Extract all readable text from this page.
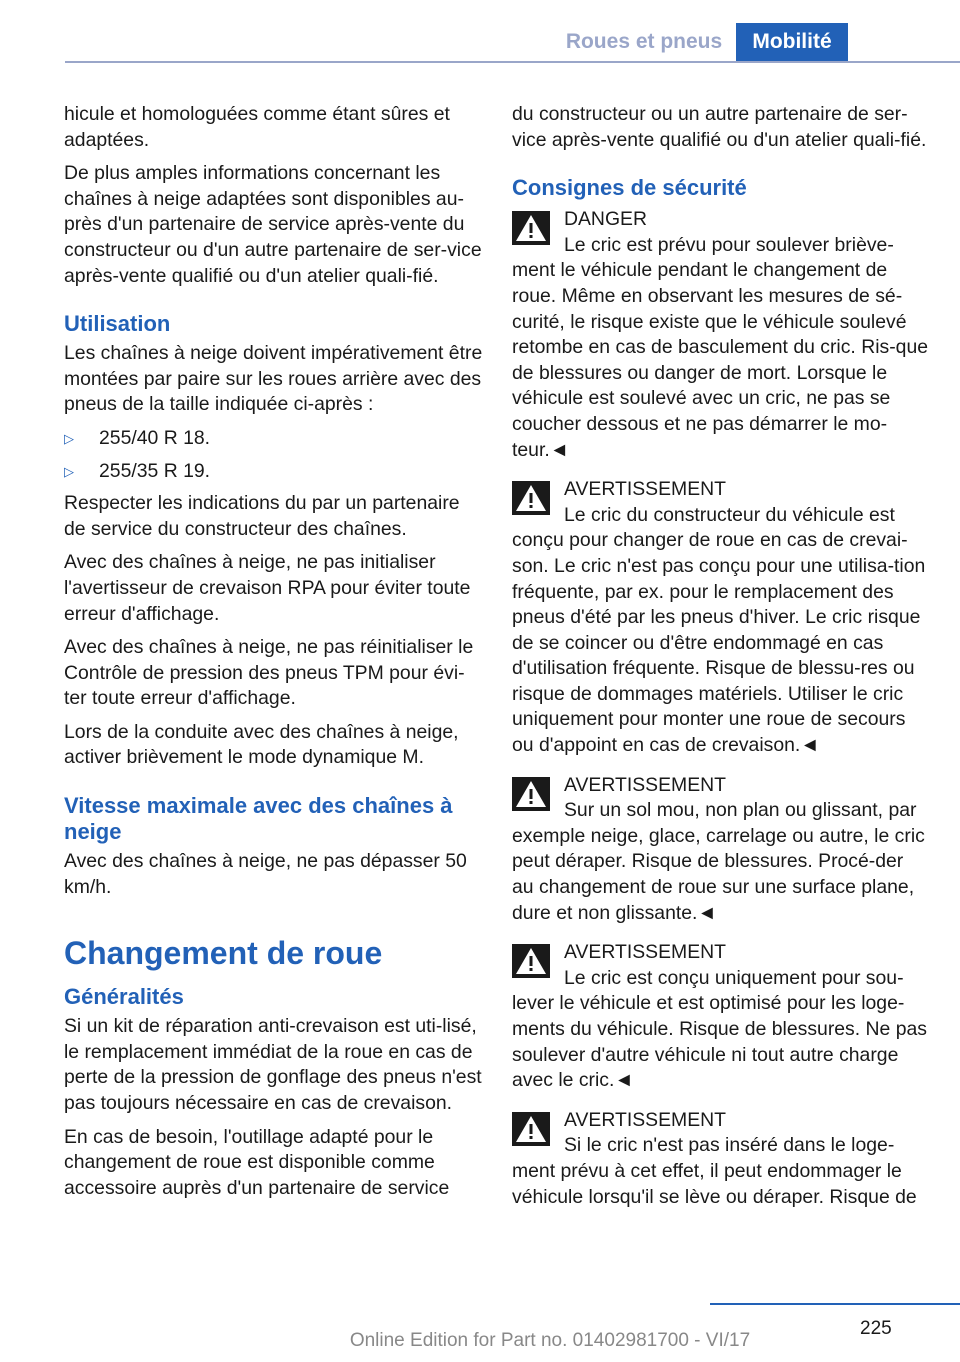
Roues et pneus	Mobilité

hicule et homologuées comme étant sûres et adaptées.

De plus amples informations concernant les chaînes à neige adaptées sont disponibles au-près d'un partenaire de service après-vente du constructeur ou d'un autre partenaire de ser-vice après-vente qualifié ou d'un atelier quali-fié.

Utilisation

Les chaînes à neige doivent impérativement être montées par paire sur les roues arrière avec des pneus de la taille indiquée ci-après :

▷	255/40 R 18.
▷	255/35 R 19.

Respecter les indications du par un partenaire de service du constructeur des chaînes.

Avec des chaînes à neige, ne pas initialiser l'avertisseur de crevaison RPA pour éviter toute erreur d'affichage.

Avec des chaînes à neige, ne pas réinitialiser le Contrôle de pression des pneus TPM pour évi-ter toute erreur d'affichage.

Lors de la conduite avec des chaînes à neige, activer brièvement le mode dynamique M.

Vitesse maximale avec des chaînes à neige

Avec des chaînes à neige, ne pas dépasser 50 km/h.

Changement de roue
Généralités

Si un kit de réparation anti-crevaison est uti-lisé, le remplacement immédiat de la roue en cas de perte de la pression de gonflage des pneus n'est pas toujours nécessaire en cas de crevaison.

En cas de besoin, l'outillage adapté pour le changement de roue est disponible comme accessoire auprès d'un partenaire de service

du constructeur ou un autre partenaire de ser-vice après-vente qualifié ou d'un atelier quali-fié.

Consignes de sécurité
DANGER
Le cric est prévu pour soulever briève-ment le véhicule pendant le changement de roue. Même en observant les mesures de sé-curité, le risque existe que le véhicule soulevé retombe en cas de basculement du cric. Ris-que de blessures ou danger de mort. Lorsque le véhicule est soulevé avec un cric, ne pas se coucher dessous et ne pas démarrer le mo-teur.◄
AVERTISSEMENT
Le cric du constructeur du véhicule est conçu pour changer de roue en cas de crevai-son. Le cric n'est pas conçu pour une utilisa-tion fréquente, par ex. pour le remplacement des pneus d'été par les pneus d'hiver. Le cric risque de se coincer ou d'être endommagé en cas d'utilisation fréquente. Risque de blessu-res ou risque de dommages matériels. Utiliser le cric uniquement pour monter une roue de secours ou d'appoint en cas de crevaison.◄
AVERTISSEMENT
Sur un sol mou, non plan ou glissant, par exemple neige, glace, carrelage ou autre, le cric peut déraper. Risque de blessures. Procé-der au changement de roue sur une surface plane, dure et non glissante.◄
AVERTISSEMENT
Le cric est conçu uniquement pour sou-lever le véhicule et est optimisé pour les loge-ments du véhicule. Risque de blessures. Ne pas soulever d'autre véhicule ni tout autre charge avec le cric.◄
AVERTISSEMENT
Si le cric n'est pas inséré dans le loge-ment prévu à cet effet, il peut endommager le véhicule lorsqu'il se lève ou déraper. Risque de
225
Online Edition for Part no. 01402981700 - VI/17
